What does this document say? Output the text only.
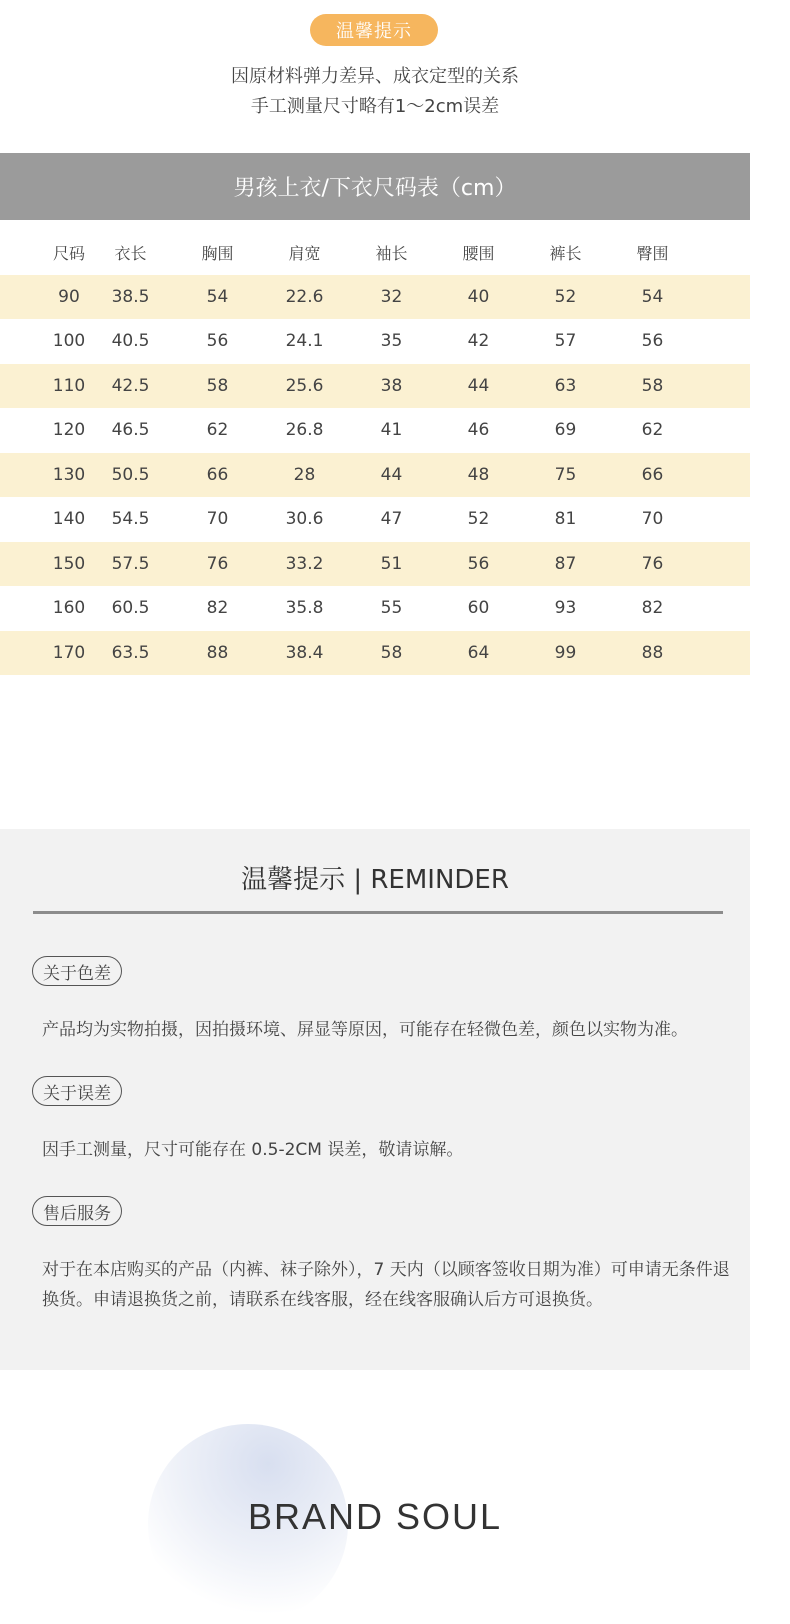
温馨提示
因原材料弹力差异、成衣定型的关系
手工测量尺寸略有1～2cm误差
男孩上衣/下衣尺码表（cm）
尺码	衣长	胸围	肩宽	袖长	腰围	裤长	臀围
90	38.5	54	22.6	32	40	52	54
100	40.5	56	24.1	35	42	57	56
110	42.5	58	25.6	38	44	63	58
120	46.5	62	26.8	41	46	69	62
130	50.5	66	28	44	48	75	66
140	54.5	70	30.6	47	52	81	70
150	57.5	76	33.2	51	56	87	76
160	60.5	82	35.8	55	60	93	82
170	63.5	88	38.4	58	64	99	88
温馨提示 | REMINDER
关于色差
产品均为实物拍摄，因拍摄环境、屏显等原因，可能存在轻微色差，颜色以实物为准。
关于误差
因手工测量，尺寸可能存在 0.5-2CM 误差，敬请谅解。
售后服务
对于在本店购买的产品（内裤、袜子除外），7 天内（以顾客签收日期为准）可申请无条件退换货。申请退换货之前，请联系在线客服，经在线客服确认后方可退换货。
BRAND SOUL
